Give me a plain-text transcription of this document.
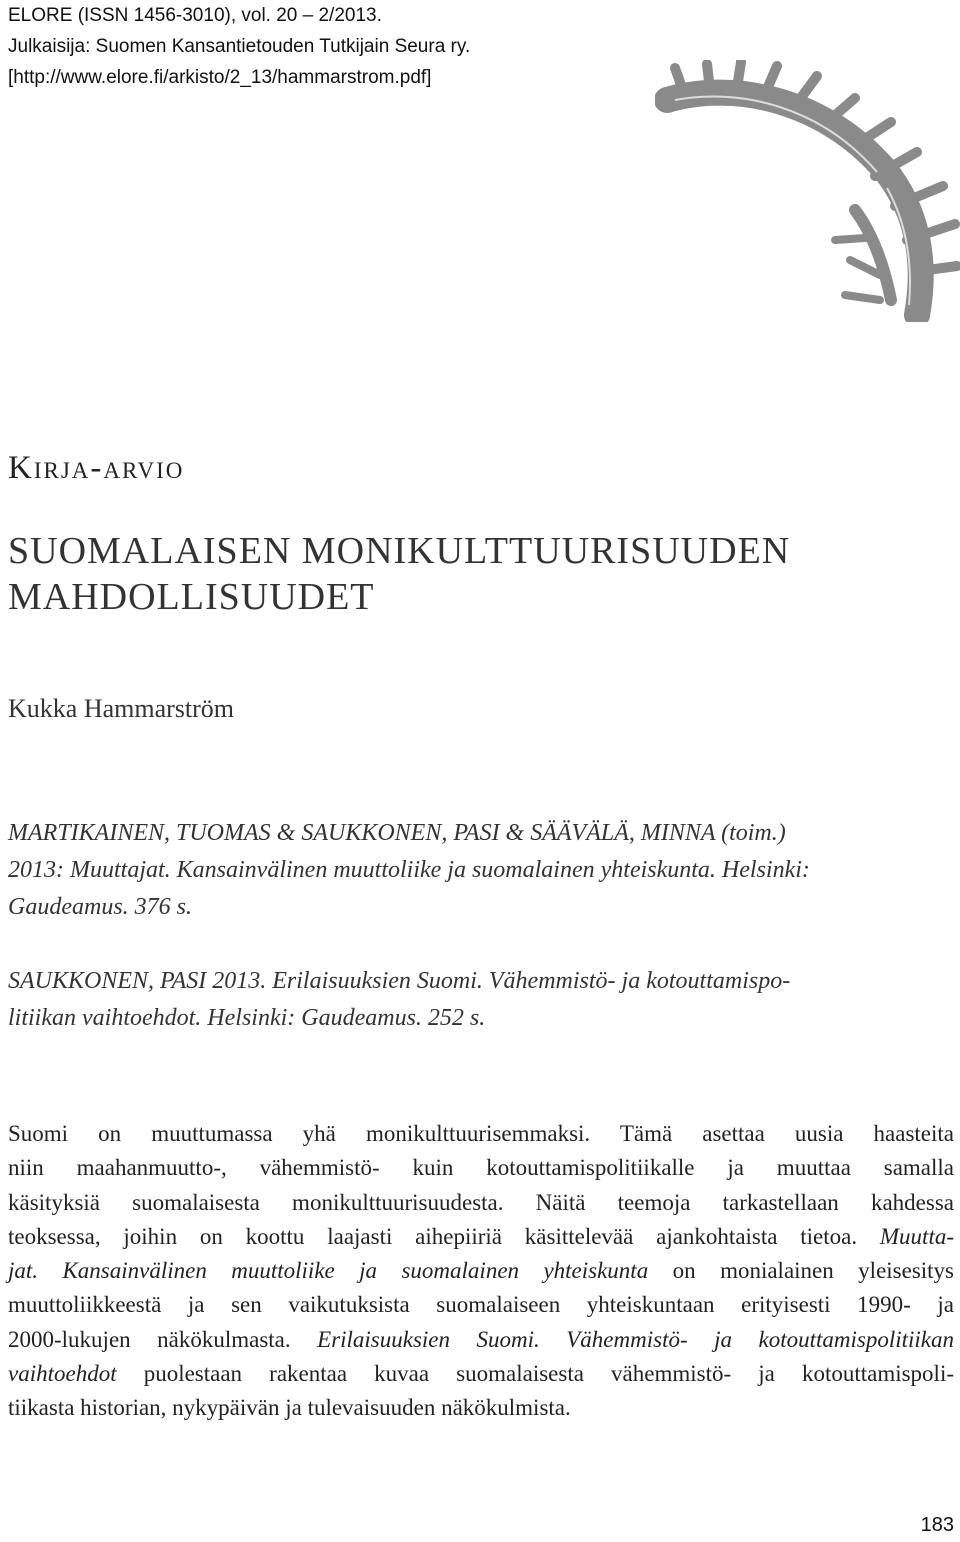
ELORE (ISSN 1456-3010), vol. 20 – 2/2013.
Julkaisija: Suomen Kansantietouden Tutkijain Seura ry.
[http://www.elore.fi/arkisto/2_13/hammarstrom.pdf]
Kirja-arvio
SUOMALAISEN MONIKULTTUURISUUDEN
MAHDOLLISUUDET
Kukka Hammarström
MARTIKAINEN, TUOMAS & SAUKKONEN, PASI & SÄÄVÄLÄ, MINNA (toim.)
2013: Muuttajat. Kansainvälinen muuttoliike ja suomalainen yhteiskunta. Helsinki:
Gaudeamus. 376 s.
SAUKKONEN, PASI 2013. Erilaisuuksien Suomi. Vähemmistö- ja kotouttamispo-
litiikan vaihtoehdot. Helsinki: Gaudeamus. 252 s.
Suomi on muuttumassa yhä monikulttuurisemmaksi. Tämä asettaa uusia haasteita
niin maahanmuutto-, vähemmistö- kuin kotouttamispolitiikalle ja muuttaa samalla
käsityksiä suomalaisesta monikulttuurisuudesta. Näitä teemoja tarkastellaan kahdessa
teoksessa, joihin on koottu laajasti aihepiiriä käsittelevää ajankohtaista tietoa. Muutta-
jat. Kansainvälinen muuttoliike ja suomalainen yhteiskunta on monialainen yleisesitys
muuttoliikkeestä ja sen vaikutuksista suomalaiseen yhteiskuntaan erityisesti 1990- ja
2000-lukujen näkökulmasta. Erilaisuuksien Suomi. Vähemmistö- ja kotouttamispolitiikan
vaihtoehdot puolestaan rakentaa kuvaa suomalaisesta vähemmistö- ja kotouttamispoli-
tiikasta historian, nykypäivän ja tulevaisuuden näkökulmista.
183
